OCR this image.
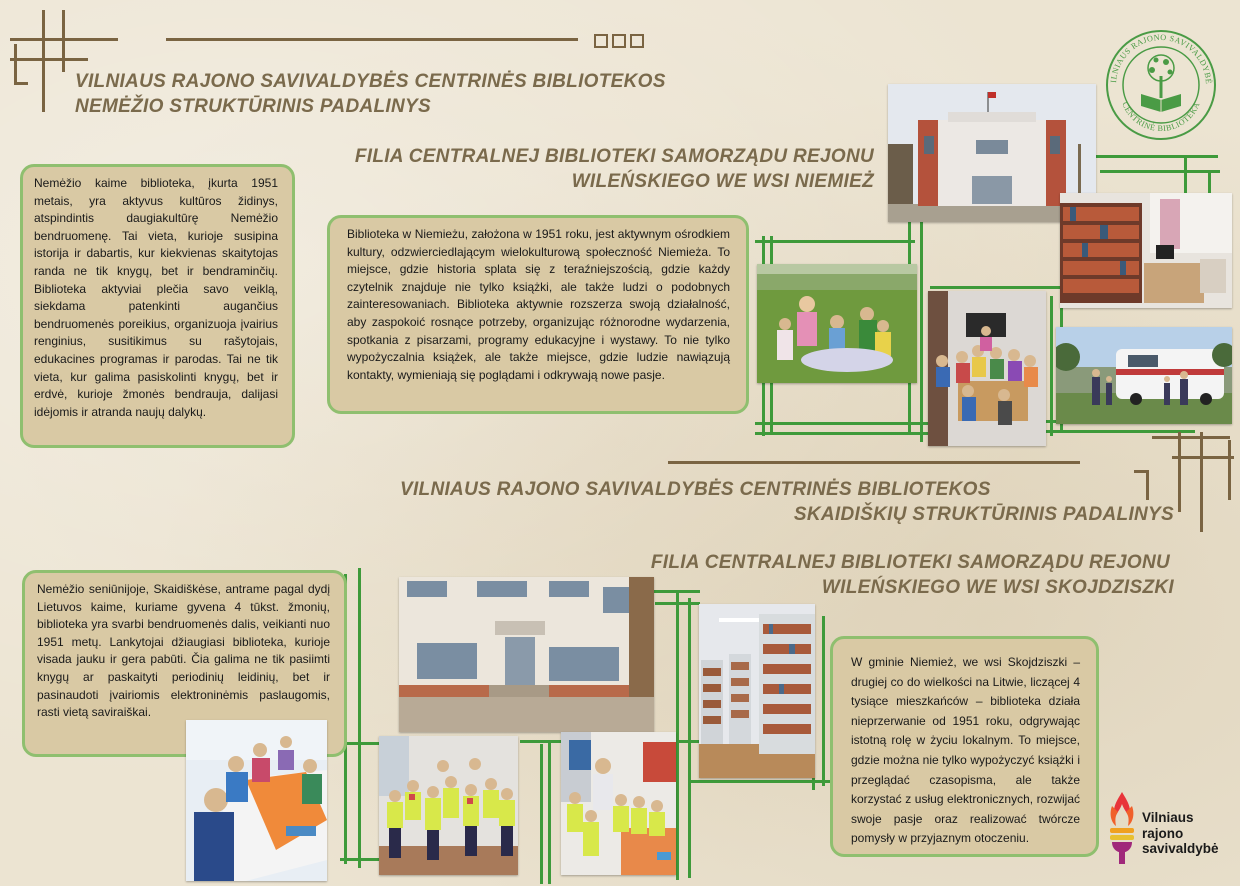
ILNIAUS RAJONO SAVIVALDYBĖ
CENTRINĖ BIBLIOTEKA
VILNIAUS RAJONO SAVIVALDYBĖS CENTRINĖS BIBLIOTEKOS
NEMĖŽIO STRUKTŪRINIS PADALINYS
FILIA CENTRALNEJ BIBLIOTEKI SAMORZĄDU REJONU
WILEŃSKIEGO WE WSI NIEMIEŻ
Nemėžio kaime biblioteka, įkurta 1951 metais, yra aktyvus kultūros židinys, atspindintis daugiakultūrę Nemėžio bendruomenę. Tai vieta, kurioje susipina istorija ir dabartis, kur kiekvienas skaitytojas randa ne tik knygų, bet ir bendraminčių. Biblioteka aktyviai plečia savo veiklą, siekdama patenkinti augančius bendruomenės poreikius, organizuoja įvairius renginius, susitikimus su rašytojais, edukacines programas ir parodas. Tai ne tik vieta, kur galima pasiskolinti knygų, bet ir erdvė, kurioje žmonės bendrauja, dalijasi idėjomis ir atranda naujų dalykų.
Biblioteka w Niemieżu, założona w 1951 roku, jest aktywnym ośrodkiem kultury, odzwierciedlającym wielokulturową społeczność Niemieża. To miejsce, gdzie historia splata się z teraźniejszością, gdzie każdy czytelnik znajduje nie tylko książki, ale także ludzi o podobnych zainteresowaniach. Biblioteka aktywnie rozszerza swoją działalność, aby zaspokoić rosnące potrzeby, organizując różnorodne wydarzenia, spotkania z pisarzami, programy edukacyjne i wystawy. To nie tylko wypożyczalnia książek, ale także miejsce, gdzie ludzie nawiązują kontakty, wymieniają się poglądami i odkrywają nowe pasje.
VILNIAUS RAJONO SAVIVALDYBĖS CENTRINĖS BIBLIOTEKOS
SKAIDIŠKIŲ STRUKTŪRINIS PADALINYS
FILIA CENTRALNEJ BIBLIOTEKI SAMORZĄDU REJONU
WILEŃSKIEGO WE WSI SKOJDZISZKI
Nemėžio seniūnijoje, Skaidiškėse, antrame pagal dydį Lietuvos kaime, kuriame gyvena 4 tūkst. žmonių, biblioteka yra svarbi bendruomenės dalis, veikianti nuo 1951 metų. Lankytojai džiaugiasi biblioteka, kurioje visada jauku ir gera pabūti. Čia galima ne tik pasiimti knygų ar paskaityti periodinių leidinių, bet ir pasinaudoti įvairiomis elektroninėmis paslaugomis, rasti vietą saviraiškai.
W gminie Niemież, we wsi Skojdziszki – drugiej co do wielkości na Litwie, liczącej 4 tysiące mieszkańców – biblioteka działa nieprzerwanie od 1951 roku, odgrywając istotną rolę w życiu lokalnym. To miejsce, gdzie można nie tylko wypożyczyć książki i przeglądać czasopisma, ale także korzystać z usług elektronicznych, rozwijać swoje pasje oraz realizować twórcze pomysły w przyjaznym otoczeniu.
Vilniaus
rajono
savivaldybė
